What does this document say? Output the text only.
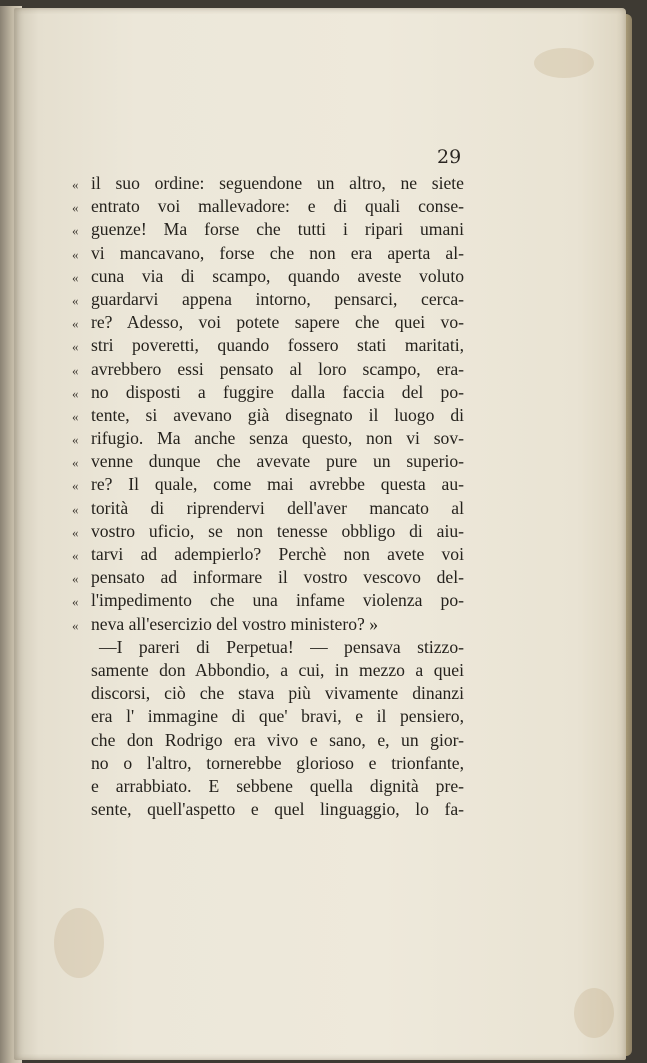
29

« il suo ordine: seguendone un altro, ne siete
« entrato voi mallevadore: e di quali conse-
« guenze! Ma forse che tutti i ripari umani
« vi mancavano, forse che non era aperta al-
« cuna via di scampo, quando aveste voluto
« guardarvi appena intorno, pensarci, cerca-
« re? Adesso, voi potete sapere che quei vo-
« stri poveretti, quando fossero stati maritati,
« avrebbero essi pensato al loro scampo, era-
« no disposti a fuggire dalla faccia del po-
« tente, si avevano già disegnato il luogo di
« rifugio. Ma anche senza questo, non vi sov-
« venne dunque che avevate pure un superio-
« re? Il quale, come mai avrebbe questa au-
« torità di riprendervi dell'aver mancato al
« vostro uficio, se non tenesse obbligo di aiu-
« tarvi ad adempierlo? Perchè non avete voi
« pensato ad informare il vostro vescovo del-
« l'impedimento che una infame violenza po-
« neva all'esercizio del vostro ministero? »
—I pareri di Perpetua! — pensava stizzo-
samente don Abbondio, a cui, in mezzo a quei
discorsi, ciò che stava più vivamente dinanzi
era l' immagine di que' bravi, e il pensiero,
che don Rodrigo era vivo e sano, e, un gior-
no o l'altro, tornerebbe glorioso e trionfante,
e arrabbiato. E sebbene quella dignità pre-
sente, quell'aspetto e quel linguaggio, lo fa-
